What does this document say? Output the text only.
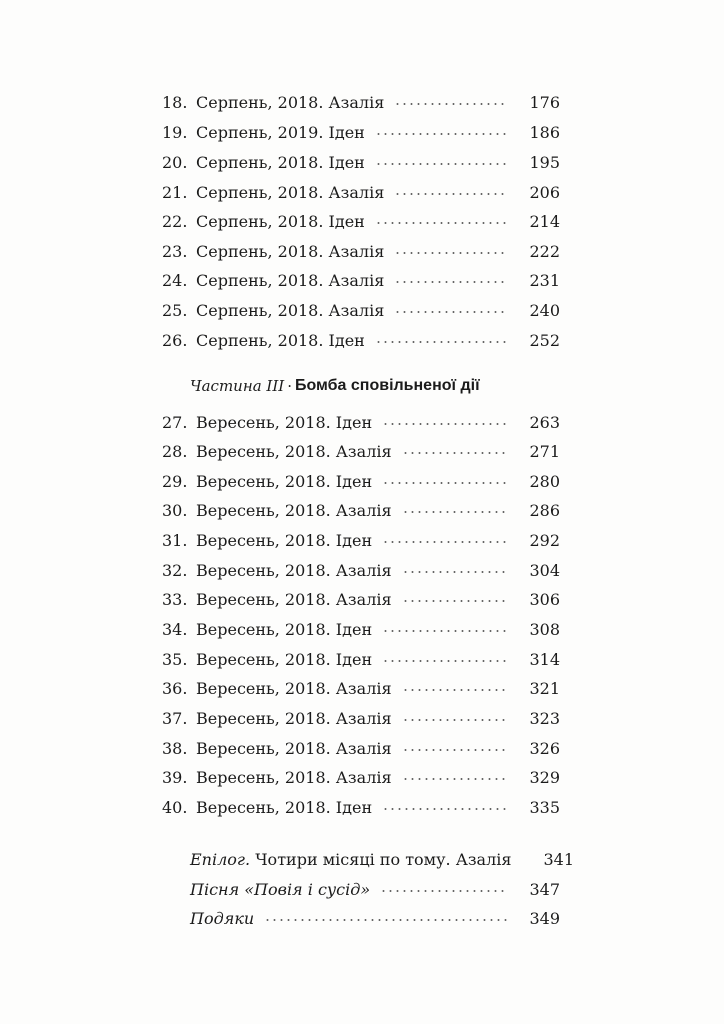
18. Серпень, 2018. Азалія	176
19. Серпень, 2019. Іден	186
20. Серпень, 2018. Іден	195
21. Серпень, 2018. Азалія	206
22. Серпень, 2018. Іден	214
23. Серпень, 2018. Азалія	222
24. Серпень, 2018. Азалія	231
25. Серпень, 2018. Азалія	240
26. Серпень, 2018. Іден	252
Частина III · Бомба сповільненої дії
27. Вересень, 2018. Іден	263
28. Вересень, 2018. Азалія	271
29. Вересень, 2018. Іден	280
30. Вересень, 2018. Азалія	286
31. Вересень, 2018. Іден	292
32. Вересень, 2018. Азалія	304
33. Вересень, 2018. Азалія	306
34. Вересень, 2018. Іден	308
35. Вересень, 2018. Іден	314
36. Вересень, 2018. Азалія	321
37. Вересень, 2018. Азалія	323
38. Вересень, 2018. Азалія	326
39. Вересень, 2018. Азалія	329
40. Вересень, 2018. Іден	335
Епілог. Чотири місяці по тому. Азалія	341
Пісня «Повія і сусід»	347
Подяки	349
